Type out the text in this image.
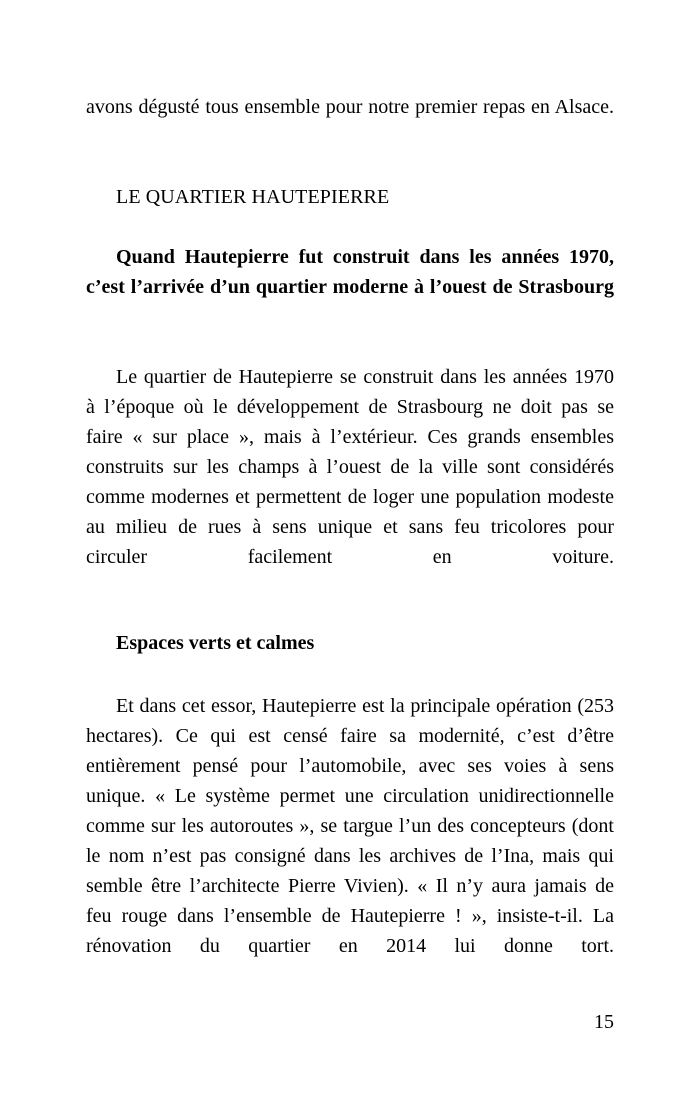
avons dégusté tous ensemble pour notre premier repas en Alsace.

LE QUARTIER HAUTEPIERRE
Quand Hautepierre fut construit dans les années 1970, c’est l’arrivée d’un quartier moderne à l’ouest de Strasbourg

Le quartier de Hautepierre se construit dans les années 1970 à l’époque où le développement de Strasbourg ne doit pas se faire « sur place », mais à l’extérieur. Ces grands ensembles construits sur les champs à l’ouest de la ville sont considérés comme modernes et permettent de loger une population modeste au milieu de rues à sens unique et sans feu tricolores pour circuler facilement en voiture.

Espaces verts et calmes

Et dans cet essor, Hautepierre est la principale opération (253 hectares). Ce qui est censé faire sa modernité, c’est d’être entièrement pensé pour l’automobile, avec ses voies à sens unique. « Le système permet une circulation unidirectionnelle comme sur les autoroutes », se targue l’un des concepteurs (dont le nom n’est pas consigné dans les archives de l’Ina, mais qui semble être l’architecte Pierre Vivien). « Il n’y aura jamais de feu rouge dans l’ensemble de Hautepierre ! », insiste-t-il. La rénovation du quartier en 2014 lui donne tort.

15
